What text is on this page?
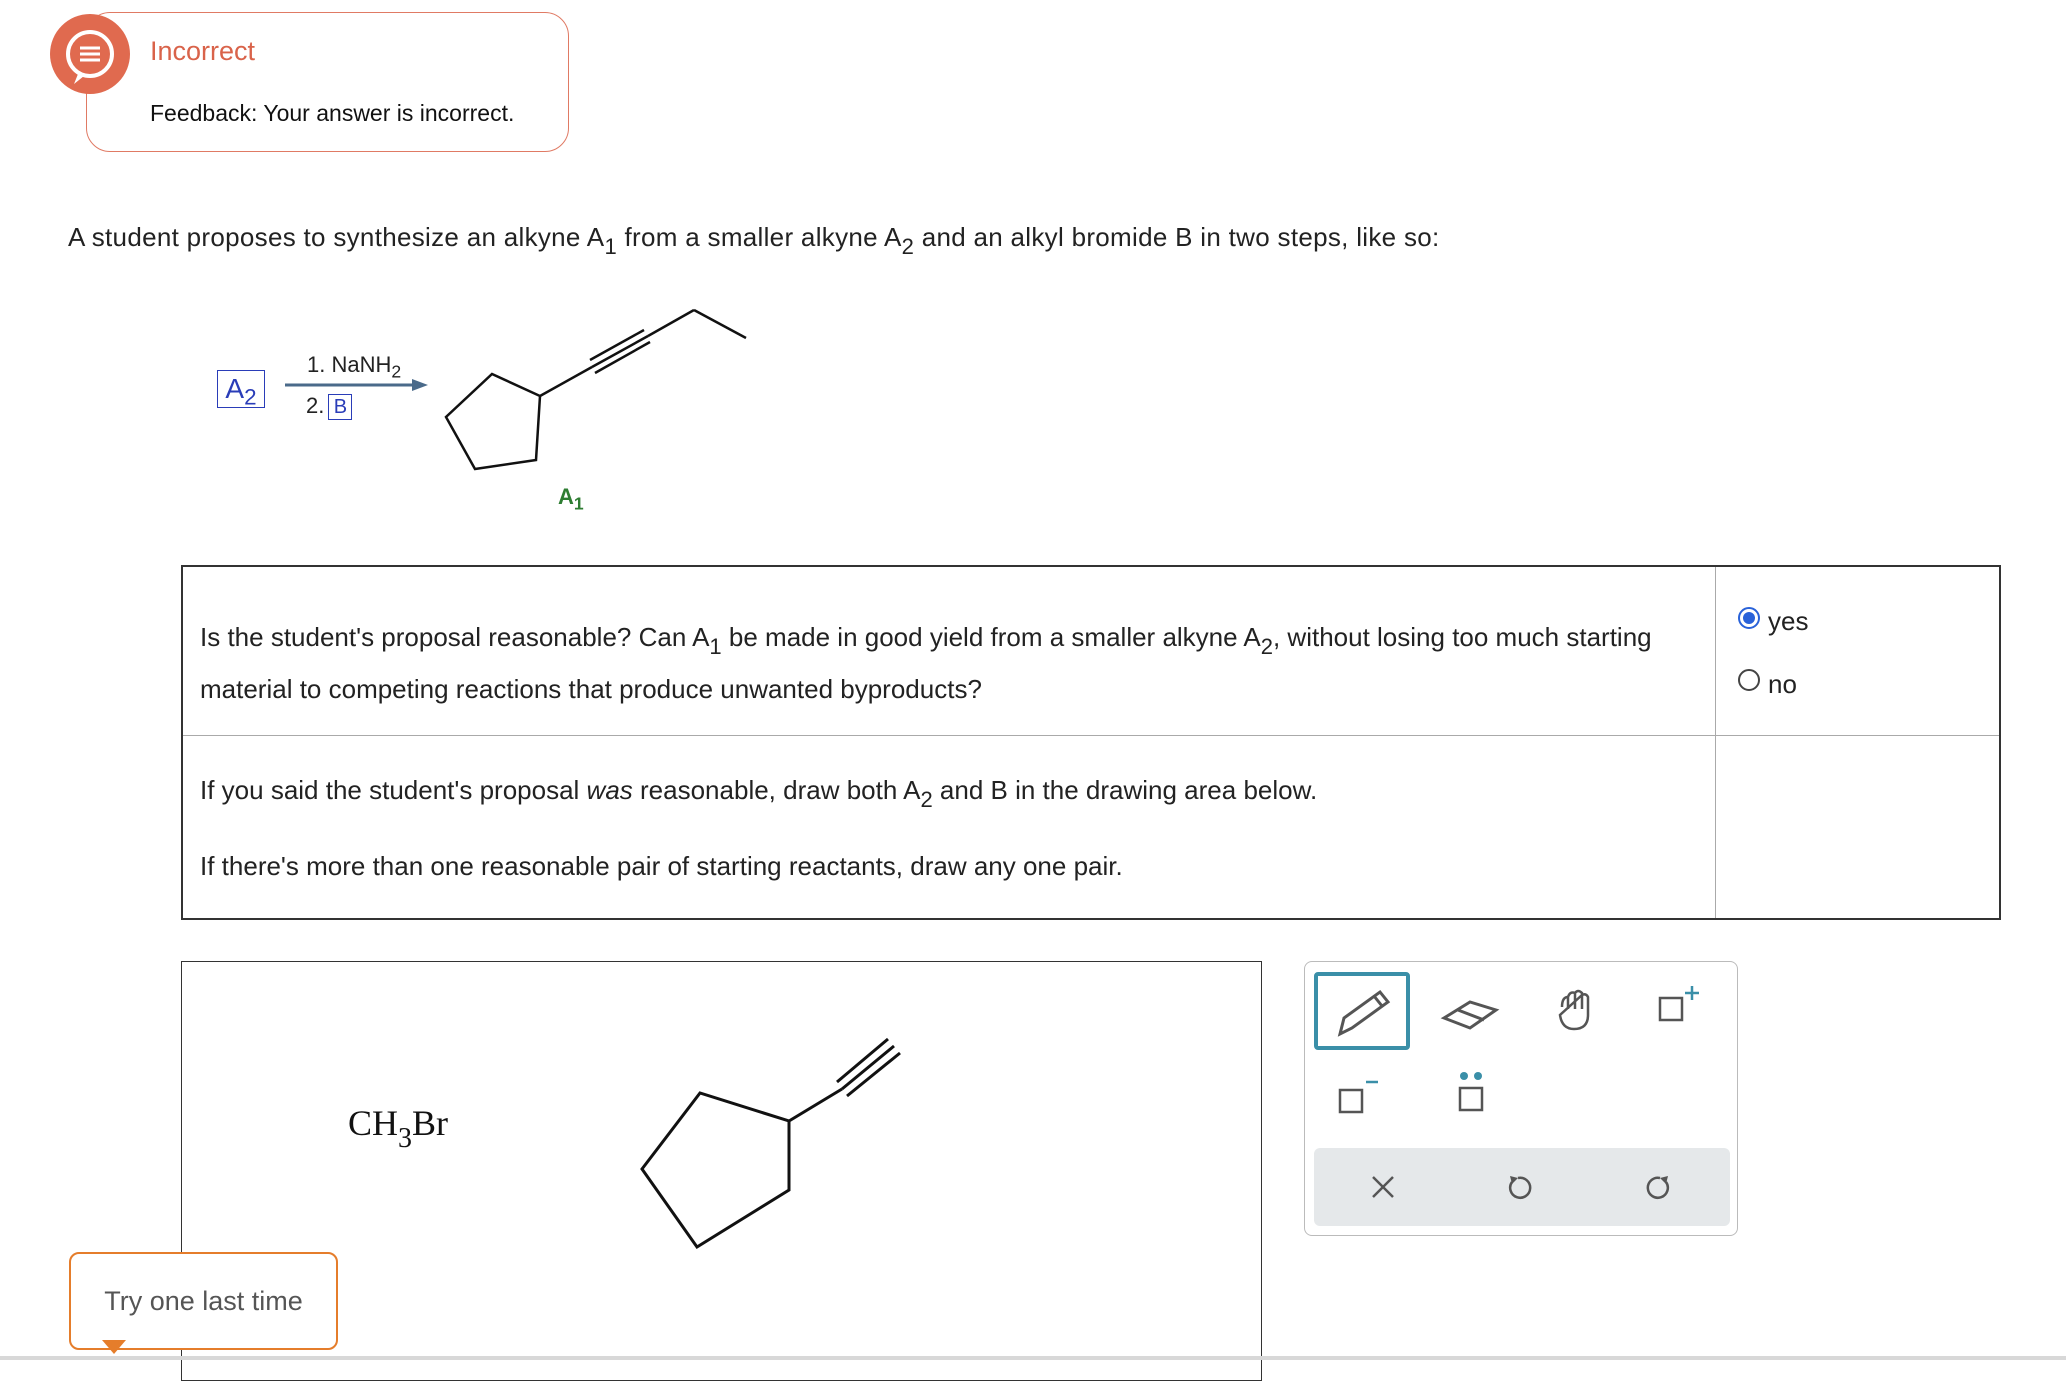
Incorrect
Feedback: Your answer is incorrect.
A student proposes to synthesize an alkyne $A_1$ from a smaller alkyne $A_2$ and an alkyl bromide B in two steps, like so:
$A_2$
1. NaNH$_2$
2. B
$A_1$
Is the student's proposal reasonable? Can $A_1$ be made in good yield from a smaller alkyne $A_2$, without losing too much starting material to competing reactions that produce unwanted byproducts?
If you said the student's proposal was reasonable, draw both $A_2$ and B in the drawing area below.
If there's more than one reasonable pair of starting reactants, draw any one pair.
yes
no
$CH_3Br$
Try one last time
